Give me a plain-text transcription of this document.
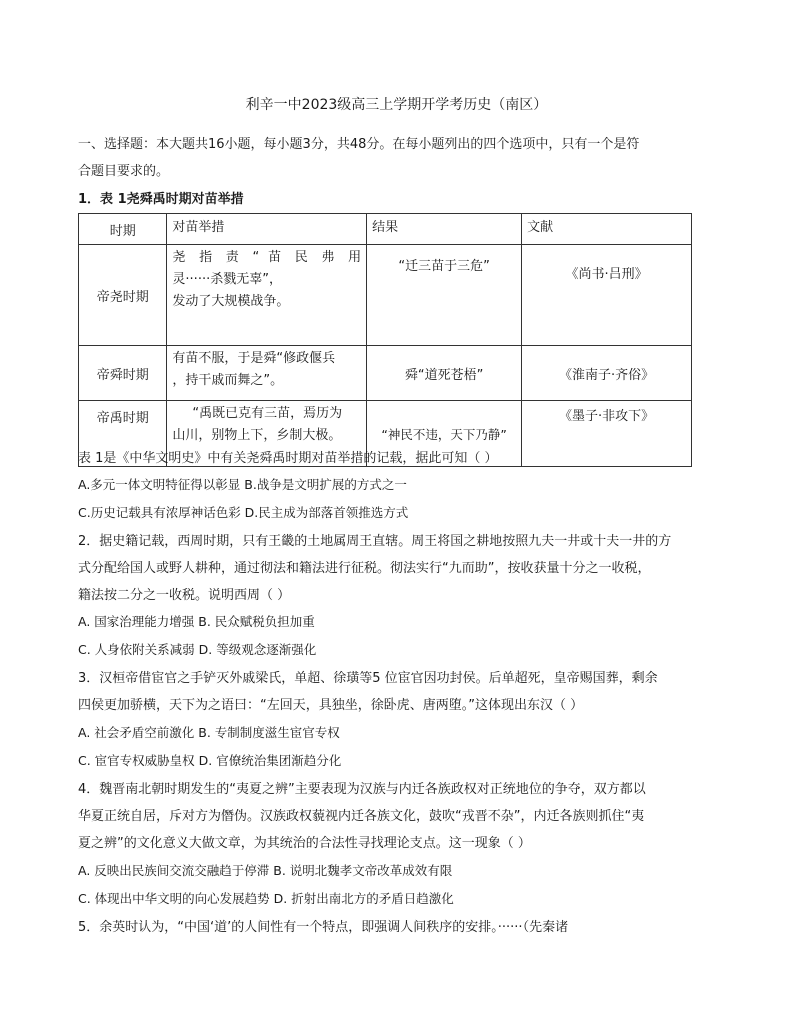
利辛一中2023级高三上学期开学考历史（南区）
一、选择题：本大题共16小题，每小题3分，共48分。在每小题列出的四个选项中，只有一个是符
合题目要求的。
1．表 1尧舜禹时期对苗举措
时期	对苗举措	结果	文献
帝尧时期	尧 指 责 “ 苗 民 弗 用
灵······杀戮无辜”，
发动了大规模战争。	“迁三苗于三危”	《尚书·吕刑》
帝舜时期	有苗不服，于是舜“修政偃兵
，持干戚而舞之”。	舜“道死苍梧”	《淮南子·齐俗》
帝禹时期	“禹既已克有三苗，焉历为
山川，别物上下，乡制大极。	“神民不违，天下乃静”	《墨子·非攻下》
表 1是《中华文明史》中有关尧舜禹时期对苗举措的记载，据此可知（ ）
A.多元一体文明特征得以彰显 B.战争是文明扩展的方式之一
C.历史记载具有浓厚神话色彩 D.民主成为部落首领推选方式
2．据史籍记载，西周时期，只有王畿的土地属周王直辖。周王将国之耕地按照九夫一井或十夫一井的方
式分配给国人或野人耕种，通过彻法和籍法进行征税。彻法实行“九而助”，按收获量十分之一收税，
籍法按二分之一收税。说明西周（ ）
A. 国家治理能力增强 B. 民众赋税负担加重
C. 人身依附关系减弱 D. 等级观念逐渐强化
3．汉桓帝借宦官之手铲灭外戚梁氏，单超、徐璜等5 位宦官因功封侯。后单超死，皇帝赐国葬，剩余
四侯更加骄横，天下为之语曰：“左回天，具独坐，徐卧虎、唐两堕。”这体现出东汉（ ）
A. 社会矛盾空前激化 B. 专制制度滋生宦官专权
C. 宦官专权威胁皇权 D. 官僚统治集团渐趋分化
4．魏晋南北朝时期发生的“夷夏之辨”主要表现为汉族与内迁各族政权对正统地位的争夺，双方都以
华夏正统自居，斥对方为僭伪。汉族政权藐视内迁各族文化，鼓吹“戎晋不杂”，内迁各族则抓住“夷
夏之辨”的文化意义大做文章，为其统治的合法性寻找理论支点。这一现象（ ）
A. 反映出民族间交流交融趋于停滞 B. 说明北魏孝文帝改革成效有限
C. 体现出中华文明的向心发展趋势 D. 折射出南北方的矛盾日趋激化
5．余英时认为，“中国‘道’的人间性有一个特点，即强调人间秩序的安排。······（先秦诸
